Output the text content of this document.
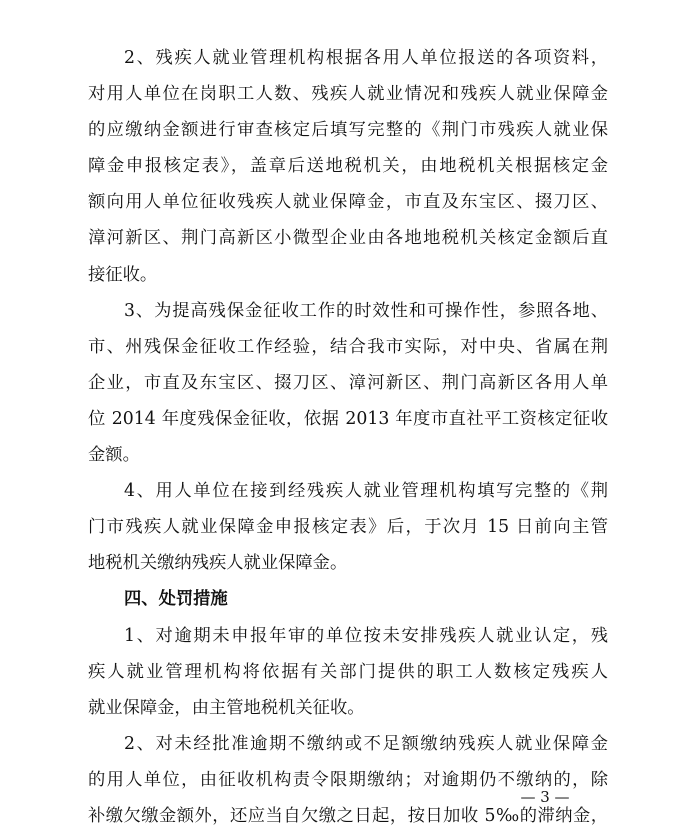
2、残疾人就业管理机构根据各用人单位报送的各项资料，
对用人单位在岗职工人数、残疾人就业情况和残疾人就业保障金
的应缴纳金额进行审查核定后填写完整的《荆门市残疾人就业保
障金申报核定表》，盖章后送地税机关，由地税机关根据核定金
额向用人单位征收残疾人就业保障金，市直及东宝区、掇刀区、
漳河新区、荆门高新区小微型企业由各地地税机关核定金额后直
接征收。
3、为提高残保金征收工作的时效性和可操作性，参照各地、
市、州残保金征收工作经验，结合我市实际，对中央、省属在荆
企业，市直及东宝区、掇刀区、漳河新区、荆门高新区各用人单
位 2014 年度残保金征收，依据 2013 年度市直社平工资核定征收
金额。
4、用人单位在接到经残疾人就业管理机构填写完整的《荆
门市残疾人就业保障金申报核定表》后，于次月 15 日前向主管
地税机关缴纳残疾人就业保障金。
四、处罚措施
1、对逾期未申报年审的单位按未安排残疾人就业认定，残
疾人就业管理机构将依据有关部门提供的职工人数核定残疾人
就业保障金，由主管地税机关征收。
2、对未经批准逾期不缴纳或不足额缴纳残疾人就业保障金
的用人单位，由征收机构责令限期缴纳；对逾期仍不缴纳的，除
补缴欠缴金额外，还应当自欠缴之日起，按日加收 5‰的滞纳金，
— 3 —
